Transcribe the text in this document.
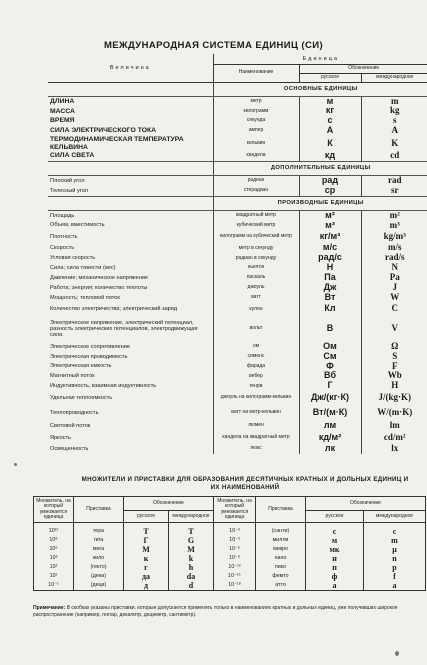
МЕЖДУНАРОДНАЯ СИСТЕМА ЕДИНИЦ (СИ)
Величина	Единица		
	Наименование	Обозначение	
		русское	международное
	ОСНОВНЫЕ ЕДИНИЦЫ		
ДЛИНА	метр	м	m
МАССА	килограмм	кг	kg
ВРЕМЯ	секунда	с	s
СИЛА ЭЛЕКТРИЧЕСКОГО ТОКА	ампер	А	A
ТЕРМОДИНАМИЧЕСКАЯ ТЕМПЕРАТУРА КЕЛЬВИНА	кельвин	К	K
СИЛА СВЕТА	кандела	кд	cd
	ДОПОЛНИТЕЛЬНЫЕ ЕДИНИЦЫ		
Плоский угол	радиан	рад	rad
Телесный угол	стерадиан	ср	sr
	ПРОИЗВОДНЫЕ ЕДИНИЦЫ		
Площадь	квадратный метр	м²	m²
Объем, вместимость	кубический метр	м³	m³
Плотность	килограмм на кубический метр	кг/м³	kg/m³
Скорость	метр в секунду	м/с	m/s
Угловая скорость	радиан в секунду	рад/с	rad/s
Сила; сила тяжести (вес)	ньютон	Н	N
Давление; механическое напряжение	паскаль	Па	Pa
Работа; энергия; количество теплоты	джоуль	Дж	J
Мощность; тепловой поток	ватт	Вт	W
Количество электричества; электрический заряд	кулон	Кл	C
Электрическое напряжение, электрический потенциал, разность электрических потенциалов, электродвижущая сила	вольт	В	V
Электрическое сопротивление	ом	Ом	Ω
Электрическая проводимость	сименс	См	S
Электрическая емкость	фарада	Ф	F
Магнитный поток	вебер	Вб	Wb
Индуктивность, взаимная индуктивность	генри	Г	H
Удельная теплоемкость	джоуль на килограмм-кельвин	Дж/(кг·К)	J/(kg·K)
Теплопроводность	ватт на метр-кельвин	Вт/(м·К)	W/(m·K)
Световой поток	люмен	лм	lm
Яркость	кандела на квадратный метр	кд/м²	cd/m²
Освещенность	люкс	лк	lx
МНОЖИТЕЛИ И ПРИСТАВКИ ДЛЯ ОБРАЗОВАНИЯ ДЕСЯТИЧНЫХ КРАТНЫХ И ДОЛЬНЫХ ЕДИНИЦ И ИХ НАИМЕНОВАНИЙ
Множитель, на который умножается единица	Приставка	Обозначение		Множитель, на который умножается единица	Приставка	Обозначение	
		русское	международное			русское	международное

10¹²	тера	Т	T	10⁻²	(санти)	с	c
10⁹	гига	Г	G	10⁻³	милли	м	m
10⁶	мега	М	M	10⁻⁶	микро	мк	μ
10³	кило	к	k	10⁻⁹	нано	н	n
10²	(гекто)	г	h	10⁻¹²	пико	п	p
10¹	(дека)	да	da	10⁻¹⁵	фемто	ф	f
10⁻¹	(деци)	д	d	10⁻¹⁸	атто	а	a
Примечание: В скобках указаны приставки, которые допускается применять только в наименованиях кратных и дольных единиц, уже получивших широкое распространение (например, гектар, декалитр, дециметр, сантиметр).
